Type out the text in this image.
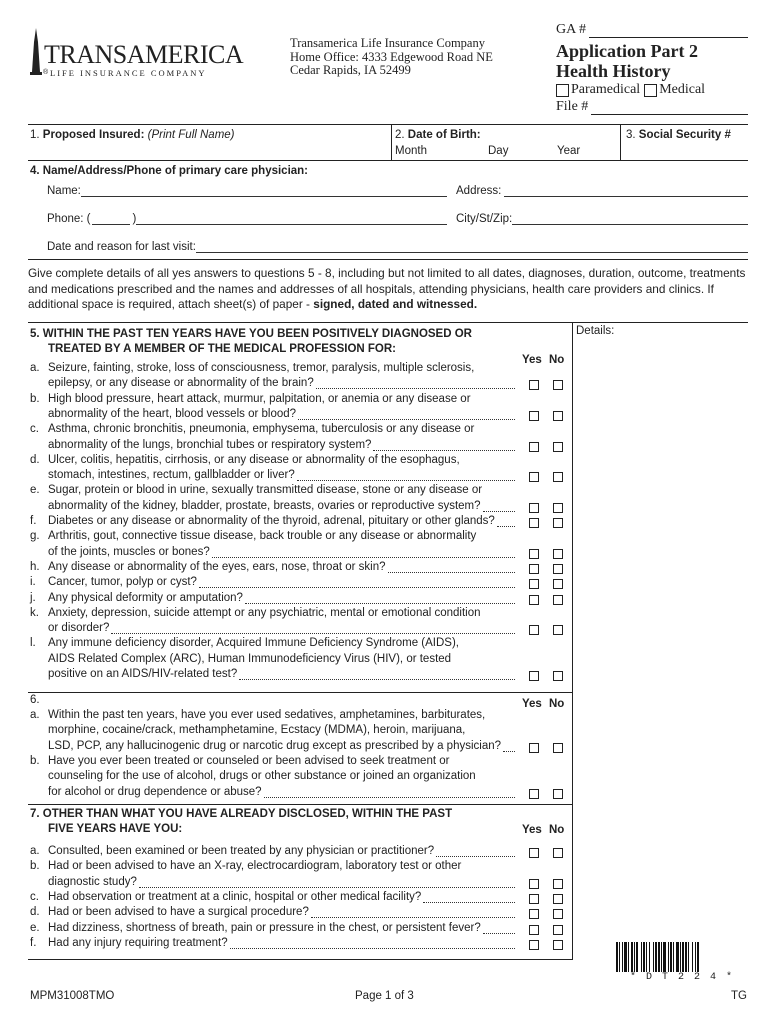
TRANSAMERICA
LIFE INSURANCE COMPANY
®
Transamerica Life Insurance Company
Home Office: 4333 Edgewood Road NE
Cedar Rapids, IA 52499
GA #
Application Part 2
Health History
Paramedical Medical
File #
1. Proposed Insured: (Print Full Name)	2. Date of Birth:
Month	Day	Year
3. Social Security #
4. Name/Address/Phone of primary care physician:
Name:	Address:
Phone: (	)	City/St/Zip:
Date and reason for last visit:
Give complete details of all yes answers to questions 5 - 8, including but not limited to all dates, diagnoses, duration, outcome, treatments and medications prescribed and the names and addresses of all hospitals, attending physicians, health care providers and clinics. If additional space is required, attach sheet(s) of paper - signed, dated and witnessed.
Details:
5. WITHIN THE PAST TEN YEARS HAVE YOU BEEN POSITIVELY DIAGNOSED OR
TREATED BY A MEMBER OF THE MEDICAL PROFESSION FOR:
Yes No
a. Seizure, fainting, stroke, loss of consciousness, tremor, paralysis, multiple sclerosis,
epilepsy, or any disease or abnormality of the brain?
b. High blood pressure, heart attack, murmur, palpitation, or anemia or any disease or
abnormality of the heart, blood vessels or blood?
c. Asthma, chronic bronchitis, pneumonia, emphysema, tuberculosis or any disease or
abnormality of the lungs, bronchial tubes or respiratory system?
d. Ulcer, colitis, hepatitis, cirrhosis, or any disease or abnormality of the esophagus,
stomach, intestines, rectum, gallbladder or liver?
e. Sugar, protein or blood in urine, sexually transmitted disease, stone or any disease or
abnormality of the kidney, bladder, prostate, breasts, ovaries or reproductive system?
f. Diabetes or any disease or abnormality of the thyroid, adrenal, pituitary or other glands?
g. Arthritis, gout, connective tissue disease, back trouble or any disease or abnormality
of the joints, muscles or bones?
h. Any disease or abnormality of the eyes, ears, nose, throat or skin?
i. Cancer, tumor, polyp or cyst?
j. Any physical deformity or amputation?
k. Anxiety, depression, suicide attempt or any psychiatric, mental or emotional condition
or disorder?
l. Any immune deficiency disorder, Acquired Immune Deficiency Syndrome (AIDS),
AIDS Related Complex (ARC), Human Immunodeficiency Virus (HIV), or tested
positive on an AIDS/HIV-related test?
6.	Yes No
a. Within the past ten years, have you ever used sedatives, amphetamines, barbiturates,
morphine, cocaine/crack, methamphetamine, Ecstacy (MDMA), heroin, marijuana,
LSD, PCP, any hallucinogenic drug or narcotic drug except as prescribed by a physician?
b. Have you ever been treated or counseled or been advised to seek treatment or
counseling for the use of alcohol, drugs or other substance or joined an organization
for alcohol or drug dependence or abuse?
7. OTHER THAN WHAT YOU HAVE ALREADY DISCLOSED, WITHIN THE PAST
FIVE YEARS HAVE YOU:	Yes No
a. Consulted, been examined or been treated by any physician or practitioner?
b. Had or been advised to have an X-ray, electrocardiogram, laboratory test or other
diagnostic study?
c. Had observation or treatment at a clinic, hospital or other medical facility?
d. Had or been advised to have a surgical procedure?
e. Had dizziness, shortness of breath, pain or pressure in the chest, or persistent fever?
f. Had any injury requiring treatment?
* D T 2 2 4 *
MPM31008TMO	Page 1 of 3	TG
